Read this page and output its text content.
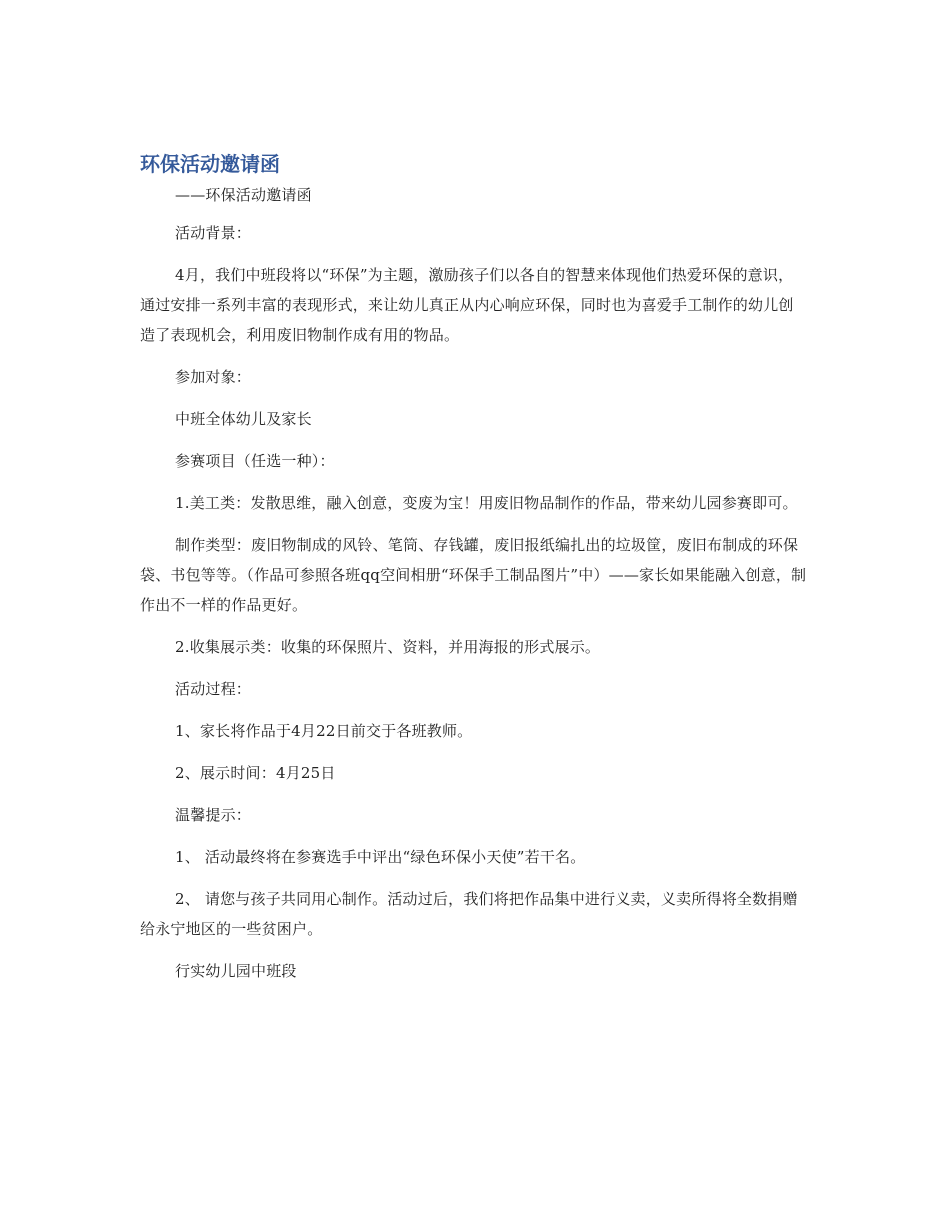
环保活动邀请函

——环保活动邀请函

活动背景：

4月，我们中班段将以“环保”为主题，激励孩子们以各自的智慧来体现他们热爱环保的意识，通过安排一系列丰富的表现形式，来让幼儿真正从内心响应环保，同时也为喜爱手工制作的幼儿创造了表现机会，利用废旧物制作成有用的物品。

参加对象：

中班全体幼儿及家长

参赛项目（任选一种）：

1.美工类：发散思维，融入创意，变废为宝！用废旧物品制作的作品，带来幼儿园参赛即可。

制作类型：废旧物制成的风铃、笔筒、存钱罐，废旧报纸编扎出的垃圾筐，废旧布制成的环保袋、书包等等。（作品可参照各班qq空间相册“环保手工制品图片”中）——家长如果能融入创意，制作出不一样的作品更好。

2.收集展示类：收集的环保照片、资料，并用海报的形式展示。

活动过程：

1、家长将作品于4月22日前交于各班教师。

2、展示时间：4月25日

温馨提示：

1、 活动最终将在参赛选手中评出“绿色环保小天使”若干名。

2、 请您与孩子共同用心制作。活动过后，我们将把作品集中进行义卖，义卖所得将全数捐赠给永宁地区的一些贫困户。

行实幼儿园中班段
